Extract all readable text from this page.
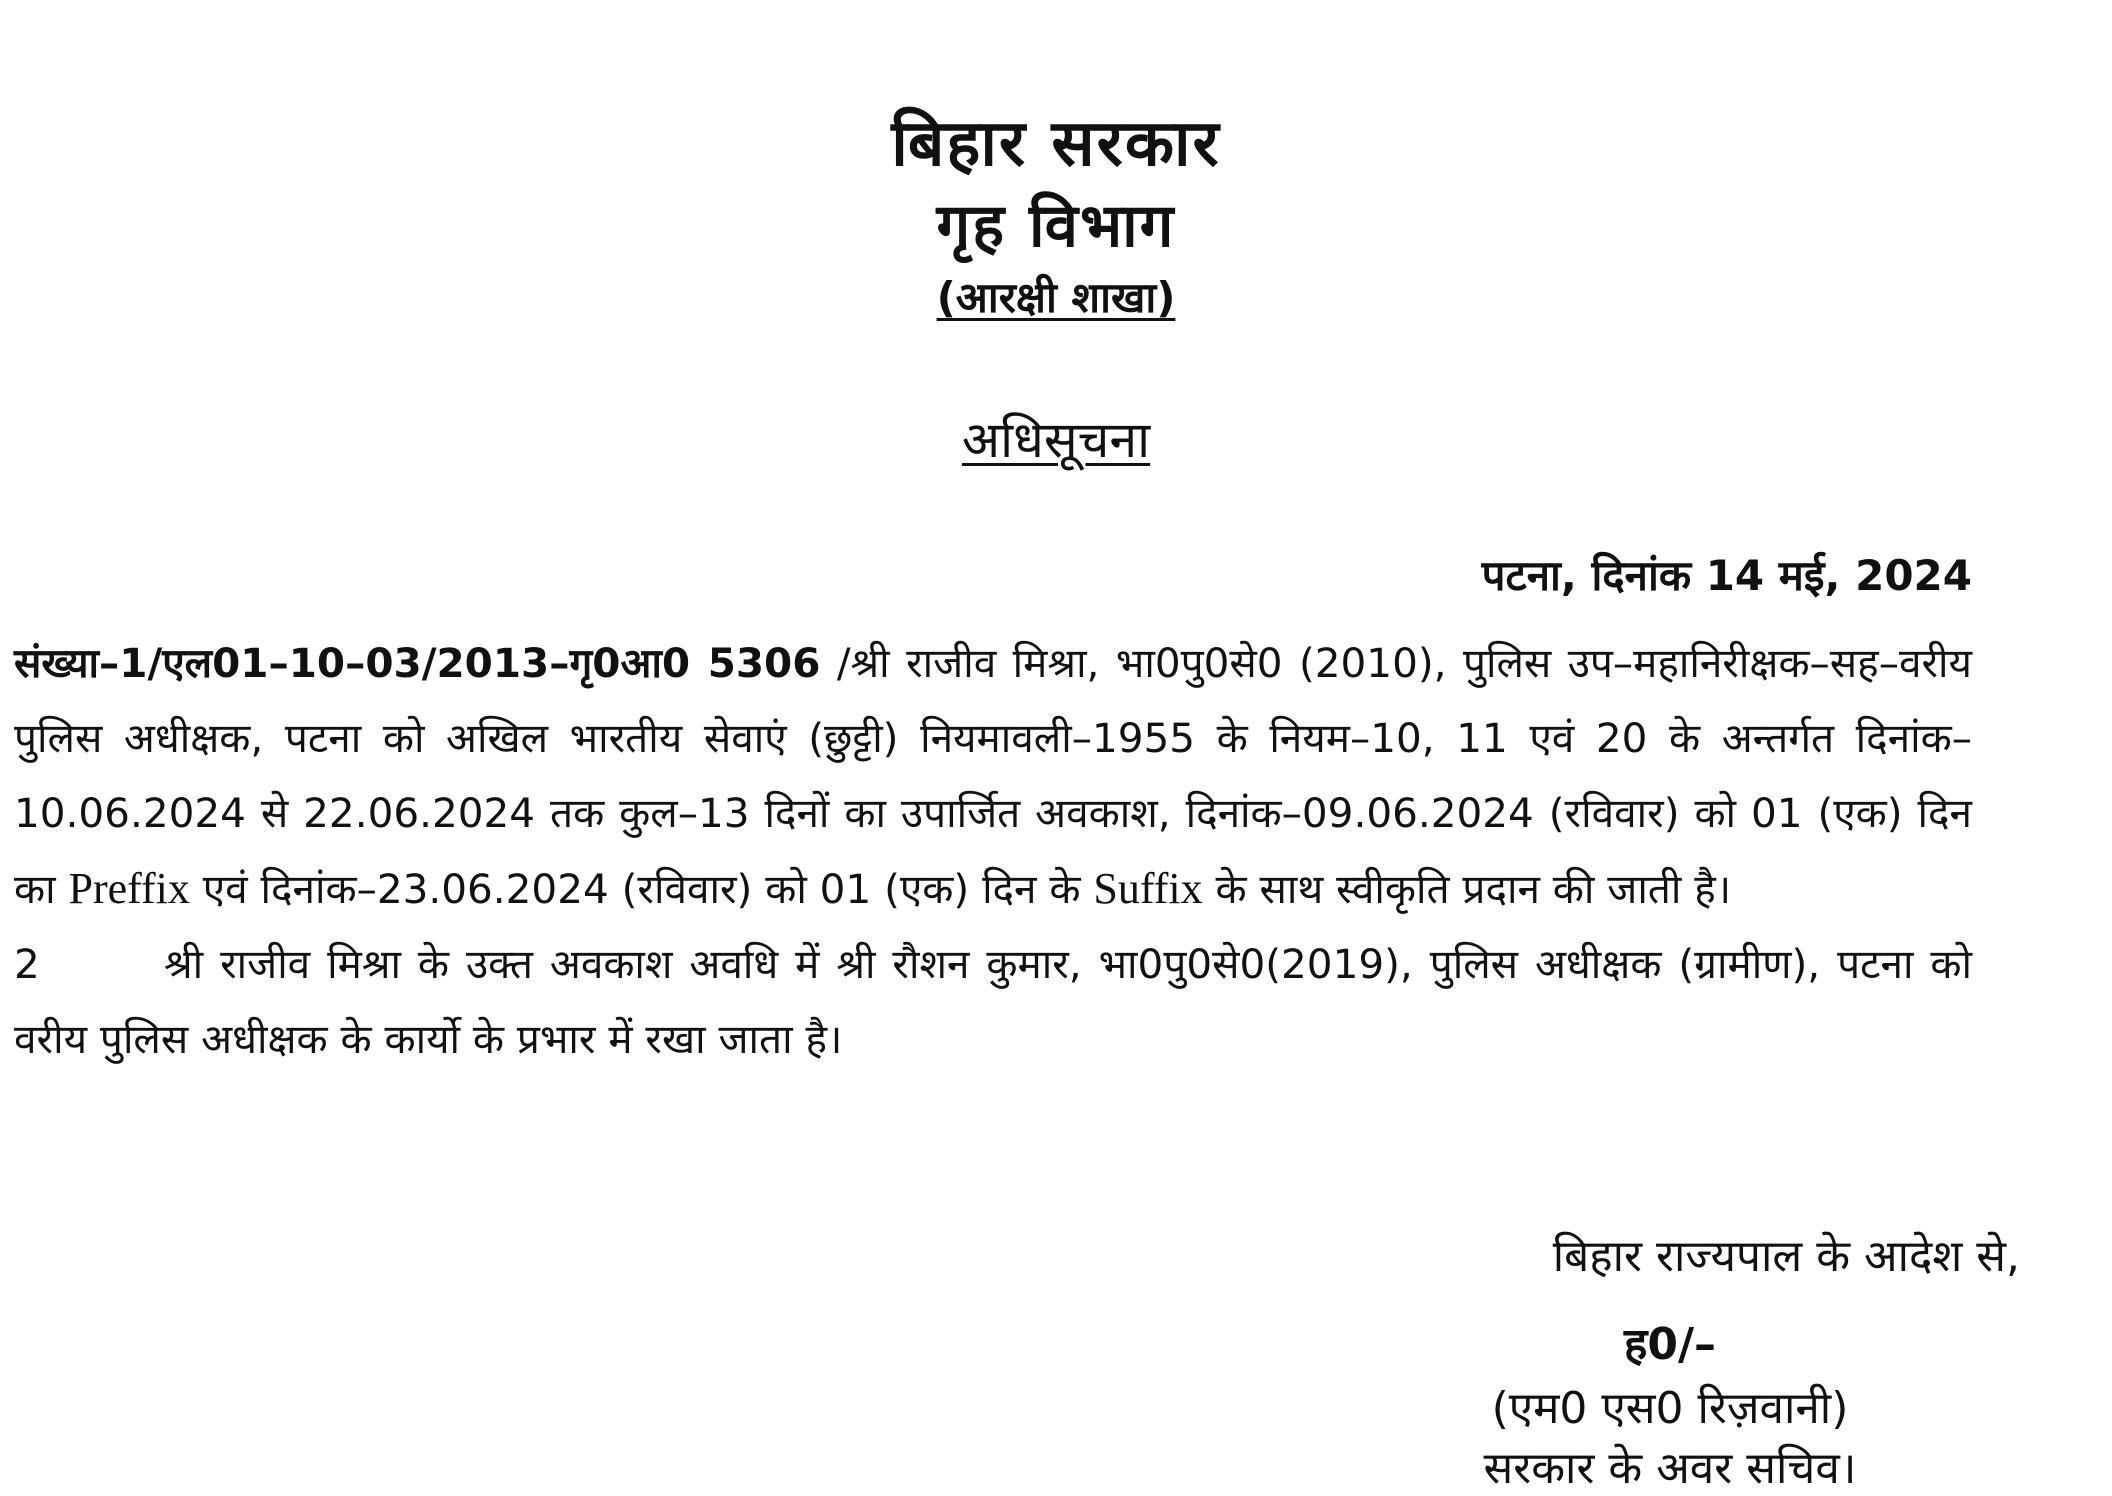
बिहार सरकार
गृह विभाग
(आरक्षी शाखा)
अधिसूचना
पटना, दिनांक 14 मई, 2024

संख्या–1/एल01–10–03/2013–गृ0आ0 5306 /श्री राजीव मिश्रा, भा0पु0से0 (2010), पुलिस उप–महानिरीक्षक–सह–वरीय पुलिस अधीक्षक, पटना को अखिल भारतीय सेवाएं (छुट्टी) नियमावली–1955 के नियम–10, 11 एवं 20 के अन्तर्गत दिनांक–10.06.2024 से 22.06.2024 तक कुल–13 दिनों का उपार्जित अवकाश, दिनांक–09.06.2024 (रविवार) को 01 (एक) दिन का Preffix एवं दिनांक–23.06.2024 (रविवार) को 01 (एक) दिन के Suffix के साथ स्वीकृति प्रदान की जाती है।

2	श्री राजीव मिश्रा के उक्त अवकाश अवधि में श्री रौशन कुमार, भा0पु0से0(2019), पुलिस अधीक्षक (ग्रामीण), पटना को वरीय पुलिस अधीक्षक के कार्यो के प्रभार में रखा जाता है।

बिहार राज्यपाल के आदेश से,
ह0/–
(एम0 एस0 रिज़वानी)
सरकार के अवर सचिव।
